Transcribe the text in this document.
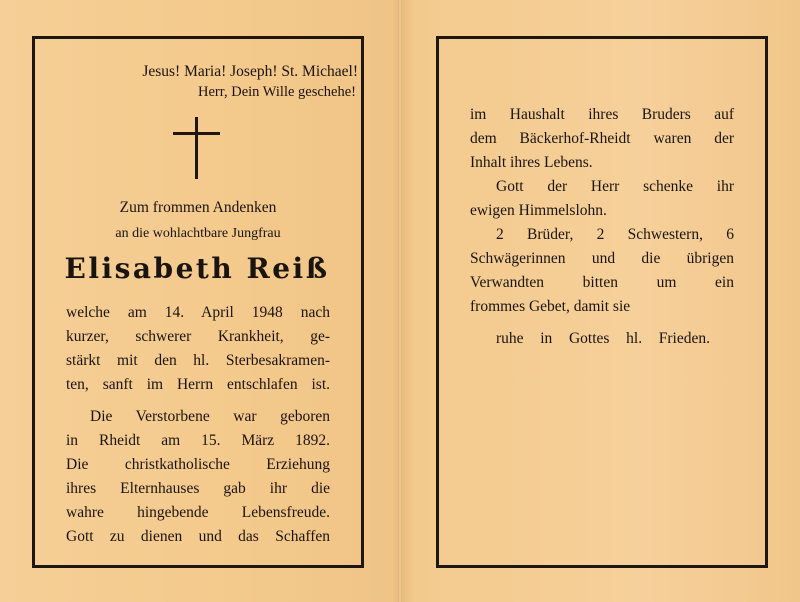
Jesus! Maria! Joseph! St. Michael!
Herr, Dein Wille geschehe!
Zum frommen Andenken
an die wohlachtbare Jungfrau
Elisabeth Reiß
welche am 14. April 1948 nach
kurzer, schwerer Krankheit, ge-
stärkt mit den hl. Sterbesakramen-
ten, sanft im Herrn entschlafen ist.
Die Verstorbene war geboren
in Rheidt am 15. März 1892.
Die christkatholische Erziehung
ihres Elternhauses gab ihr die
wahre hingebende Lebensfreude.
Gott zu dienen und das Schaffen
im Haushalt ihres Bruders auf
dem Bäckerhof-Rheidt waren der
Inhalt ihres Lebens.
Gott der Herr schenke ihr
ewigen Himmelslohn.
2 Brüder, 2 Schwestern, 6
Schwägerinnen und die übrigen
Verwandten bitten um ein
frommes Gebet, damit sie
ruhe in Gottes hl. Frieden.
